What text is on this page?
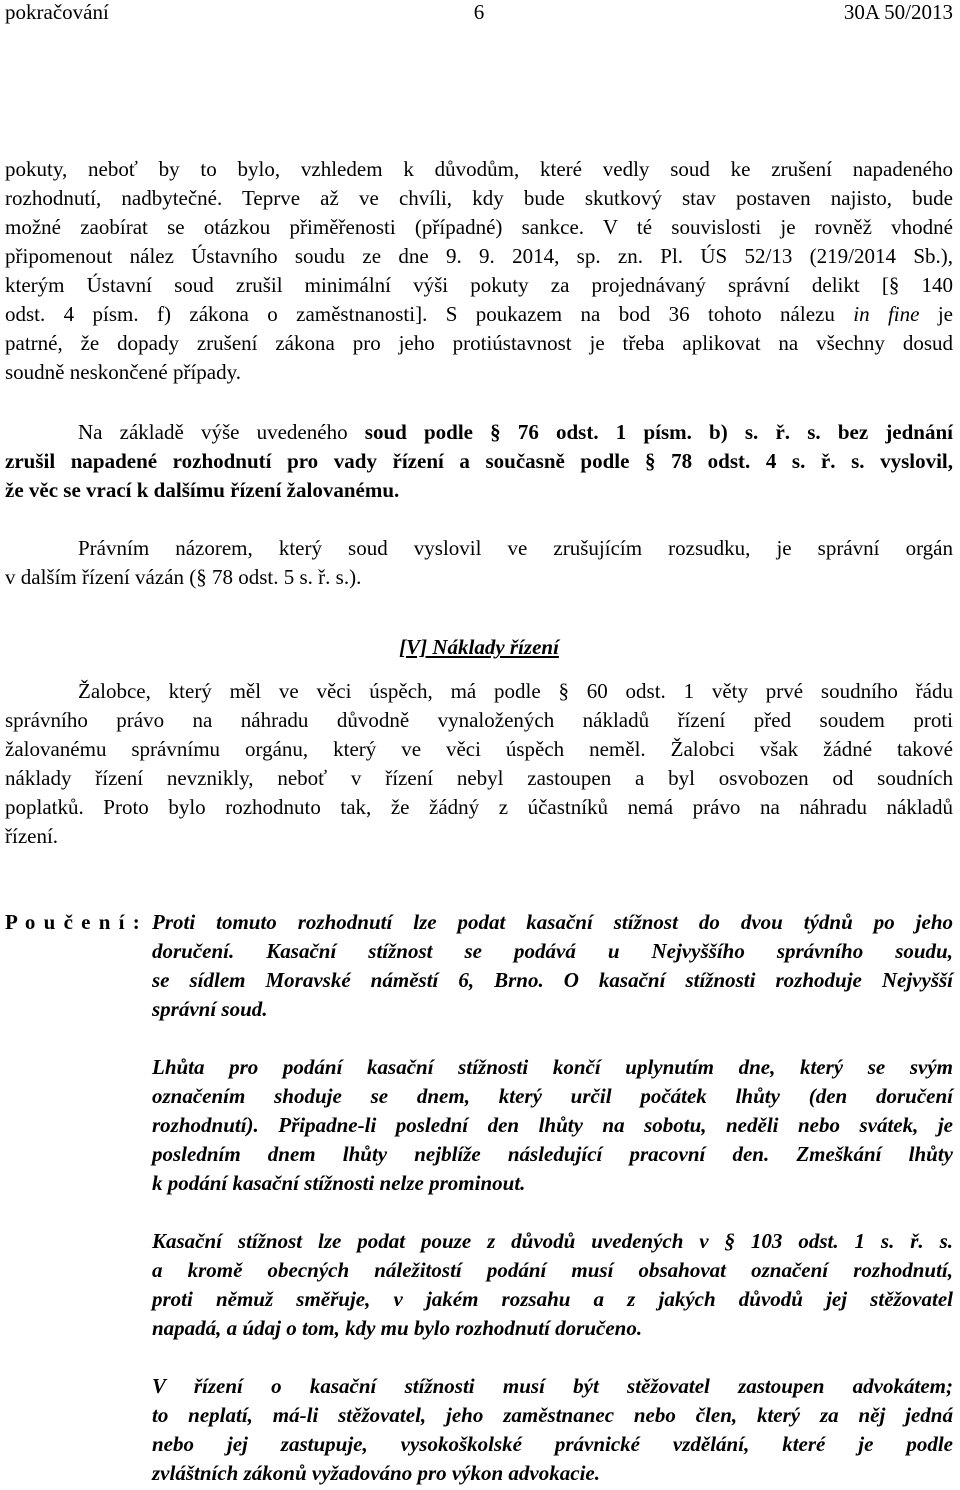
pokračování	6	30A 50/2013
pokuty, neboť by to bylo, vzhledem k důvodům, které vedly soud ke zrušení napadeného
rozhodnutí, nadbytečné. Teprve až ve chvíli, kdy bude skutkový stav postaven najisto, bude
možné zaobírat se otázkou přiměřenosti (případné) sankce. V té souvislosti je rovněž vhodné
připomenout nález Ústavního soudu ze dne 9. 9. 2014, sp. zn. Pl. ÚS 52/13 (219/2014 Sb.),
kterým Ústavní soud zrušil minimální výši pokuty za projednávaný správní delikt [§ 140
odst. 4 písm. f) zákona o zaměstnanosti]. S poukazem na bod 36 tohoto nálezu in fine je
patrné, že dopady zrušení zákona pro jeho protiústavnost je třeba aplikovat na všechny dosud
soudně neskončené případy.
Na základě výše uvedeného soud podle § 76 odst. 1 písm. b) s. ř. s. bez jednání
zrušil napadené rozhodnutí pro vady řízení a současně podle § 78 odst. 4 s. ř. s. vyslovil,
že věc se vrací k dalšímu řízení žalovanému.
Právním názorem, který soud vyslovil ve zrušujícím rozsudku, je správní orgán
v dalším řízení vázán (§ 78 odst. 5 s. ř. s.).
[V] Náklady řízení
Žalobce, který měl ve věci úspěch, má podle § 60 odst. 1 věty prvé soudního řádu
správního právo na náhradu důvodně vynaložených nákladů řízení před soudem proti
žalovanému správnímu orgánu, který ve věci úspěch neměl. Žalobci však žádné takové
náklady řízení nevznikly, neboť v řízení nebyl zastoupen a byl osvobozen od soudních
poplatků. Proto bylo rozhodnuto tak, že žádný z účastníků nemá právo na náhradu nákladů
řízení.
P o u č e n í : Proti tomuto rozhodnutí lze podat kasační stížnost do dvou týdnů po jeho
doručení. Kasační stížnost se podává u Nejvyššího správního soudu,
se sídlem Moravské náměstí 6, Brno. O kasační stížnosti rozhoduje Nejvyšší
správní soud.
Lhůta pro podání kasační stížnosti končí uplynutím dne, který se svým
označením shoduje se dnem, který určil počátek lhůty (den doručení
rozhodnutí). Připadne-li poslední den lhůty na sobotu, neděli nebo svátek, je
posledním dnem lhůty nejblíže následující pracovní den. Zmeškání lhůty
k podání kasační stížnosti nelze prominout.
Kasační stížnost lze podat pouze z důvodů uvedených v § 103 odst. 1 s. ř. s.
a kromě obecných náležitostí podání musí obsahovat označení rozhodnutí,
proti němuž směřuje, v jakém rozsahu a z jakých důvodů jej stěžovatel
napadá, a údaj o tom, kdy mu bylo rozhodnutí doručeno.
V řízení o kasační stížnosti musí být stěžovatel zastoupen advokátem;
to neplatí, má-li stěžovatel, jeho zaměstnanec nebo člen, který za něj jedná
nebo jej zastupuje, vysokoškolské právnické vzdělání, které je podle
zvláštních zákonů vyžadováno pro výkon advokacie.
